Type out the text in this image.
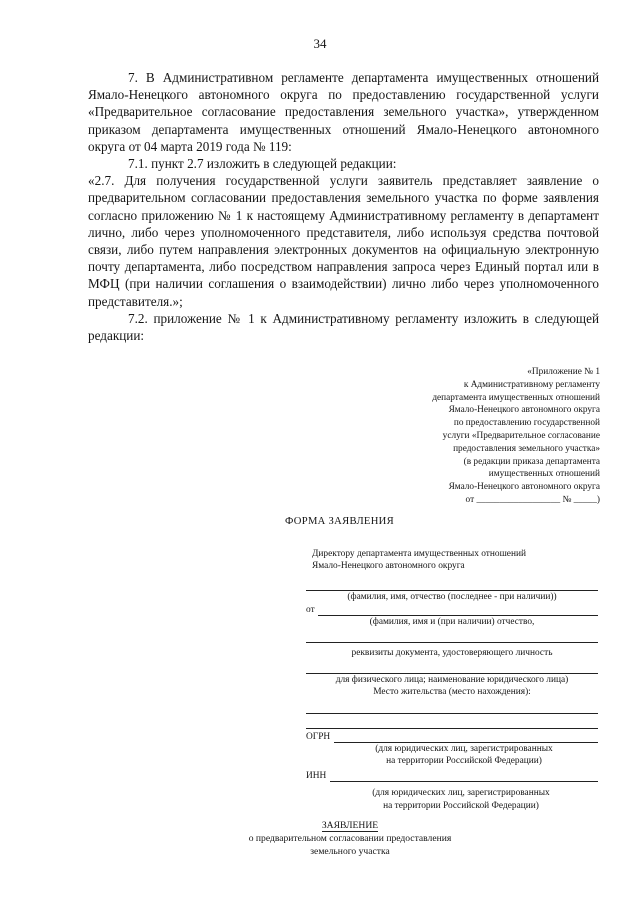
34

7. В Административном регламенте департамента имущественных отношений Ямало-Ненецкого автономного округа по предоставлению государственной услуги «Предварительное согласование предоставления земельного участка», утвержденном приказом департамента имущественных отношений Ямало-Ненецкого автономного округа от 04 марта 2019 года № 119:

7.1. пункт 2.7 изложить в следующей редакции:

«2.7. Для получения государственной услуги заявитель представляет заявление о предварительном согласовании предоставления земельного участка по форме заявления согласно приложению № 1 к настоящему Административному регламенту в департамент лично, либо через уполномоченного представителя, либо используя средства почтовой связи, либо путем направления электронных документов на официальную электронную почту департамента, либо посредством направления запроса через Единый портал или в МФЦ (при наличии соглашения о взаимодействии) лично либо через уполномоченного представителя.»;

7.2. приложение № 1 к Административному регламенту изложить в следующей редакции:

«Приложение № 1
к Административному регламенту
департамента имущественных отношений
Ямало-Ненецкого автономного округа
по предоставлению государственной
услуги «Предварительное согласование
предоставления земельного участка»
(в редакции приказа департамента
имущественных отношений
Ямало-Ненецкого автономного округа
от __________________ № _____)
ФОРМА ЗАЯВЛЕНИЯ
Директору департамента имущественных отношений
Ямало-Ненецкого автономного округа
(фамилия, имя, отчество (последнее - при наличии))
от
(фамилия, имя и (при наличии) отчество,
реквизиты документа, удостоверяющего личность
для физического лица; наименование юридического лица)
Место жительства (место нахождения):
ОГРН
(для юридических лиц, зарегистрированных
на территории Российской Федерации)
ИНН
(для юридических лиц, зарегистрированных
на территории Российской Федерации)
ЗАЯВЛЕНИЕ
о предварительном согласовании предоставления
земельного участка
